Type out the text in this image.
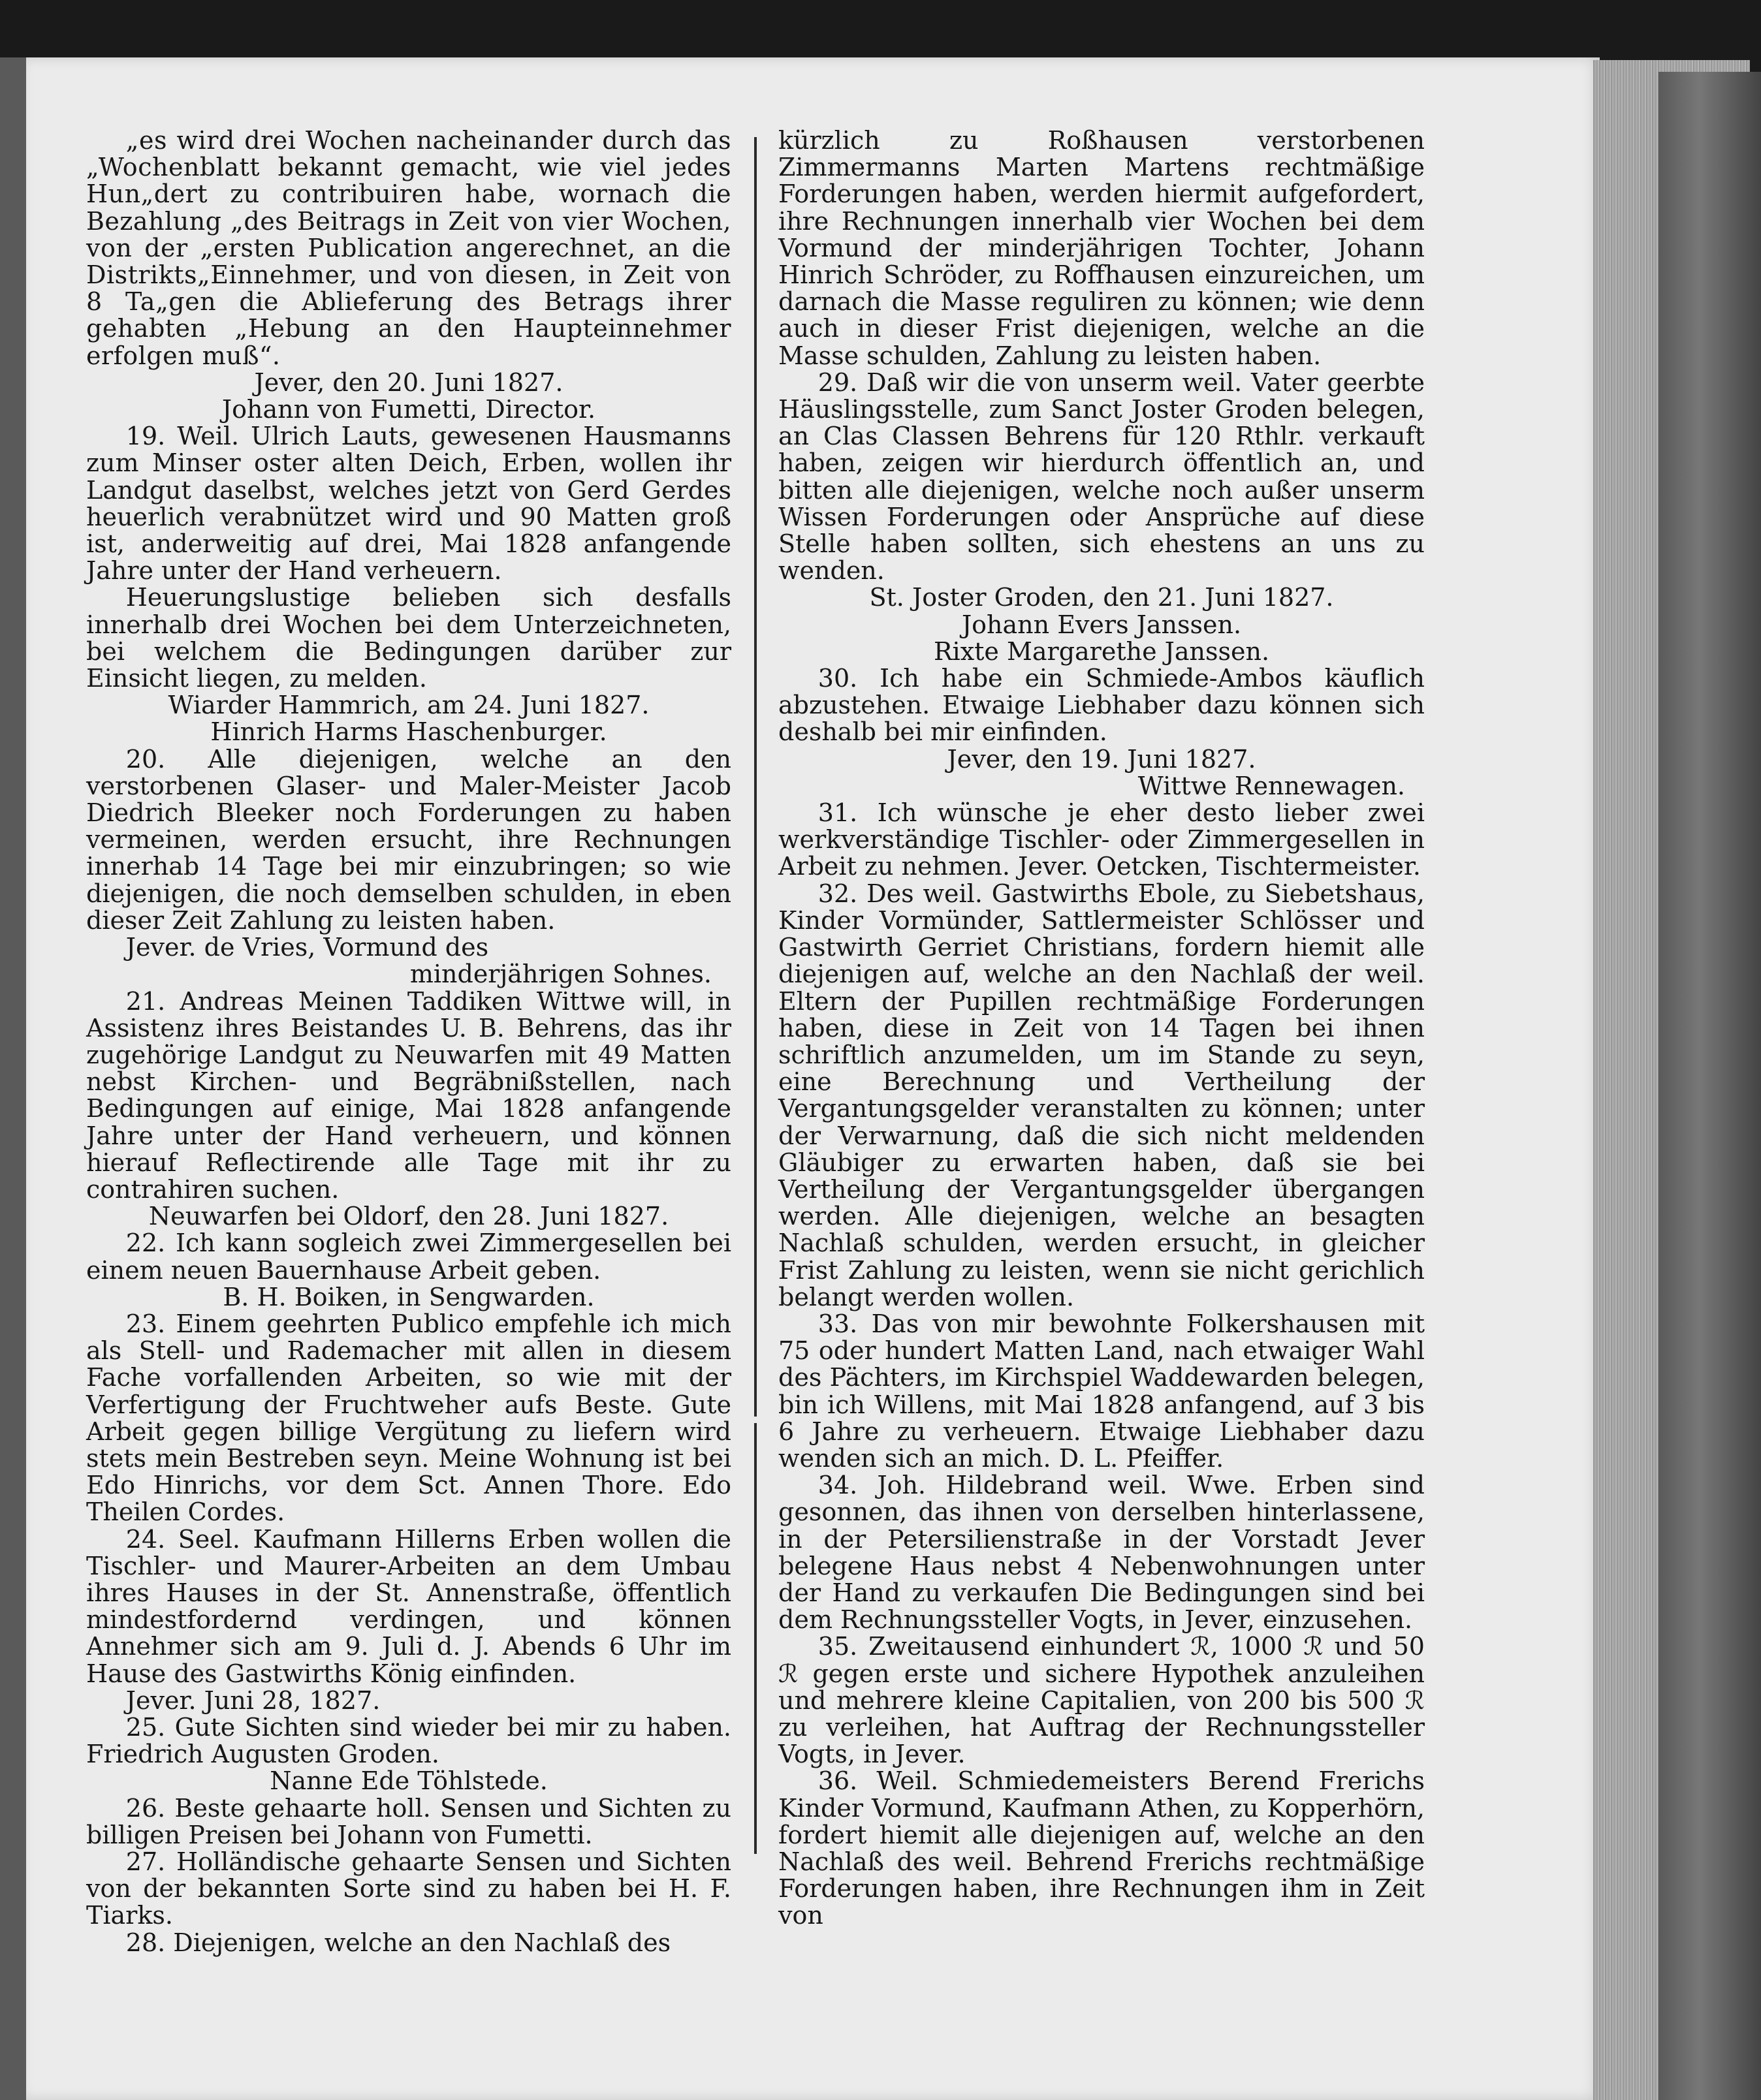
„es wird drei Wochen nacheinander durch das „Wochenblatt bekannt gemacht, wie viel jedes Hun„dert zu contribuiren habe, wornach die Bezahlung „des Beitrags in Zeit von vier Wochen, von der „ersten Publication angerechnet, an die Distrikts„Einnehmer, und von diesen, in Zeit von 8 Ta„gen die Ablieferung des Betrags ihrer gehabten „Hebung an den Haupteinnehmer erfolgen muß“.
Jever, den 20. Juni 1827.
Johann von Fumetti, Director.
19. Weil. Ulrich Lauts, gewesenen Hausmanns zum Minser oster alten Deich, Erben, wollen ihr Landgut daselbst, welches jetzt von Gerd Gerdes heuerlich verabnützet wird und 90 Matten groß ist, anderweitig auf drei, Mai 1828 anfangende Jahre unter der Hand verheuern.
Heuerungslustige belieben sich desfalls innerhalb drei Wochen bei dem Unterzeichneten, bei welchem die Bedingungen darüber zur Einsicht liegen, zu melden.
Wiarder Hammrich, am 24. Juni 1827.
Hinrich Harms Haschenburger.
20. Alle diejenigen, welche an den verstorbenen Glaser- und Maler-Meister Jacob Diedrich Bleeker noch Forderungen zu haben vermeinen, werden ersucht, ihre Rechnungen innerhab 14 Tage bei mir einzubringen; so wie diejenigen, die noch demselben schulden, in eben dieser Zeit Zahlung zu leisten haben.
Jever. de Vries, Vormund des
minderjährigen Sohnes.
21. Andreas Meinen Taddiken Wittwe will, in Assistenz ihres Beistandes U. B. Behrens, das ihr zugehörige Landgut zu Neuwarfen mit 49 Matten nebst Kirchen- und Begräbnißstellen, nach Bedingungen auf einige, Mai 1828 anfangende Jahre unter der Hand verheuern, und können hierauf Reflectirende alle Tage mit ihr zu contrahiren suchen.
Neuwarfen bei Oldorf, den 28. Juni 1827.
22. Ich kann sogleich zwei Zimmergesellen bei einem neuen Bauernhause Arbeit geben.
B. H. Boiken, in Sengwarden.
23. Einem geehrten Publico empfehle ich mich als Stell- und Rademacher mit allen in diesem Fache vorfallenden Arbeiten, so wie mit der Verfertigung der Fruchtweher aufs Beste. Gute Arbeit gegen billige Vergütung zu liefern wird stets mein Bestreben seyn. Meine Wohnung ist bei Edo Hinrichs, vor dem Sct. Annen Thore. Edo Theilen Cordes.
24. Seel. Kaufmann Hillerns Erben wollen die Tischler- und Maurer-Arbeiten an dem Umbau ihres Hauses in der St. Annenstraße, öffentlich mindestfordernd verdingen, und können Annehmer sich am 9. Juli d. J. Abends 6 Uhr im Hause des Gastwirths König einfinden.
Jever. Juni 28, 1827.
25. Gute Sichten sind wieder bei mir zu haben. Friedrich Augusten Groden.
Nanne Ede Töhlstede.
26. Beste gehaarte holl. Sensen und Sichten zu billigen Preisen bei Johann von Fumetti.
27. Holländische gehaarte Sensen und Sichten von der bekannten Sorte sind zu haben bei H. F. Tiarks.
28. Diejenigen, welche an den Nachlaß des
kürzlich zu Roßhausen verstorbenen Zimmermanns Marten Martens rechtmäßige Forderungen haben, werden hiermit aufgefordert, ihre Rechnungen innerhalb vier Wochen bei dem Vormund der minderjährigen Tochter, Johann Hinrich Schröder, zu Roffhausen einzureichen, um darnach die Masse reguliren zu können; wie denn auch in dieser Frist diejenigen, welche an die Masse schulden, Zahlung zu leisten haben.
29. Daß wir die von unserm weil. Vater geerbte Häuslingsstelle, zum Sanct Joster Groden belegen, an Clas Classen Behrens für 120 Rthlr. verkauft haben, zeigen wir hierdurch öffentlich an, und bitten alle diejenigen, welche noch außer unserm Wissen Forderungen oder Ansprüche auf diese Stelle haben sollten, sich ehestens an uns zu wenden.
St. Joster Groden, den 21. Juni 1827.
Johann Evers Janssen.
Rixte Margarethe Janssen.
30. Ich habe ein Schmiede-Ambos käuflich abzustehen. Etwaige Liebhaber dazu können sich deshalb bei mir einfinden.
Jever, den 19. Juni 1827.
Wittwe Rennewagen.
31. Ich wünsche je eher desto lieber zwei werkverständige Tischler- oder Zimmergesellen in Arbeit zu nehmen. Jever. Oetcken, Tischtermeister.
32. Des weil. Gastwirths Ebole, zu Siebetshaus, Kinder Vormünder, Sattlermeister Schlösser und Gastwirth Gerriet Christians, fordern hiemit alle diejenigen auf, welche an den Nachlaß der weil. Eltern der Pupillen rechtmäßige Forderungen haben, diese in Zeit von 14 Tagen bei ihnen schriftlich anzumelden, um im Stande zu seyn, eine Berechnung und Vertheilung der Vergantungsgelder veranstalten zu können; unter der Verwarnung, daß die sich nicht meldenden Gläubiger zu erwarten haben, daß sie bei Vertheilung der Vergantungsgelder übergangen werden. Alle diejenigen, welche an besagten Nachlaß schulden, werden ersucht, in gleicher Frist Zahlung zu leisten, wenn sie nicht gerichlich belangt werden wollen.
33. Das von mir bewohnte Folkershausen mit 75 oder hundert Matten Land, nach etwaiger Wahl des Pächters, im Kirchspiel Waddewarden belegen, bin ich Willens, mit Mai 1828 anfangend, auf 3 bis 6 Jahre zu verheuern. Etwaige Liebhaber dazu wenden sich an mich. D. L. Pfeiffer.
34. Joh. Hildebrand weil. Wwe. Erben sind gesonnen, das ihnen von derselben hinterlassene, in der Petersilienstraße in der Vorstadt Jever belegene Haus nebst 4 Nebenwohnungen unter der Hand zu verkaufen Die Bedingungen sind bei dem Rechnungssteller Vogts, in Jever, einzusehen.
35. Zweitausend einhundert ℛ, 1000 ℛ und 50 ℛ gegen erste und sichere Hypothek anzuleihen und mehrere kleine Capitalien, von 200 bis 500 ℛ zu verleihen, hat Auftrag der Rechnungssteller Vogts, in Jever.
36. Weil. Schmiedemeisters Berend Frerichs Kinder Vormund, Kaufmann Athen, zu Kopperhörn, fordert hiemit alle diejenigen auf, welche an den Nachlaß des weil. Behrend Frerichs rechtmäßige Forderungen haben, ihre Rechnungen ihm in Zeit von
